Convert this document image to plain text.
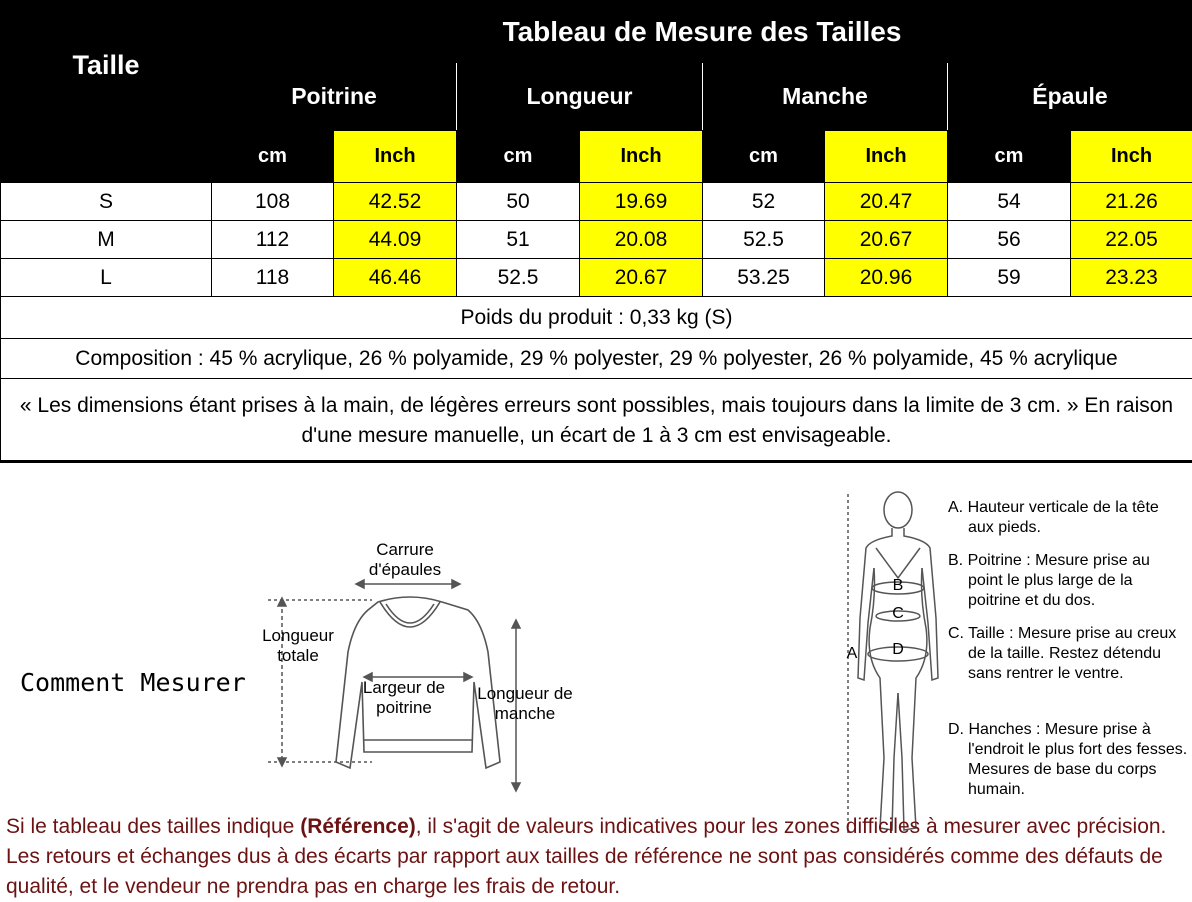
Taille	Tableau de Mesure des Tailles							
	Poitrine		Longueur		Manche		Épaule	
	cm	Inch	cm	Inch	cm	Inch	cm	Inch
S	108	42.52	50	19.69	52	20.47	54	21.26
M	112	44.09	51	20.08	52.5	20.67	56	22.05
L	118	46.46	52.5	20.67	53.25	20.96	59	23.23
Poids du produit : 0,33 kg (S)								
Composition : 45 % acrylique, 26 % polyamide, 29 % polyester, 29 % polyester, 26 % polyamide, 45 % acrylique								
« Les dimensions étant prises à la main, de légères erreurs sont possibles, mais toujours dans la limite de 3 cm. » En raison d'une mesure manuelle, un écart de 1 à 3 cm est envisageable.								
Comment Mesurer
Carrure d'épaules
Longueur totale
Largeur de poitrine
Longueur de manche
A
B
C
D
A. Hauteur verticale de la tête aux pieds.
B. Poitrine : Mesure prise au point le plus large de la poitrine et du dos.
C. Taille : Mesure prise au creux de la taille. Restez détendu sans rentrer le ventre.
D. Hanches : Mesure prise à l'endroit le plus fort des fesses. Mesures de base du corps humain.
Si le tableau des tailles indique (Référence), il s'agit de valeurs indicatives pour les zones difficiles à mesurer avec précision. Les retours et échanges dus à des écarts par rapport aux tailles de référence ne sont pas considérés comme des défauts de qualité, et le vendeur ne prendra pas en charge les frais de retour.
